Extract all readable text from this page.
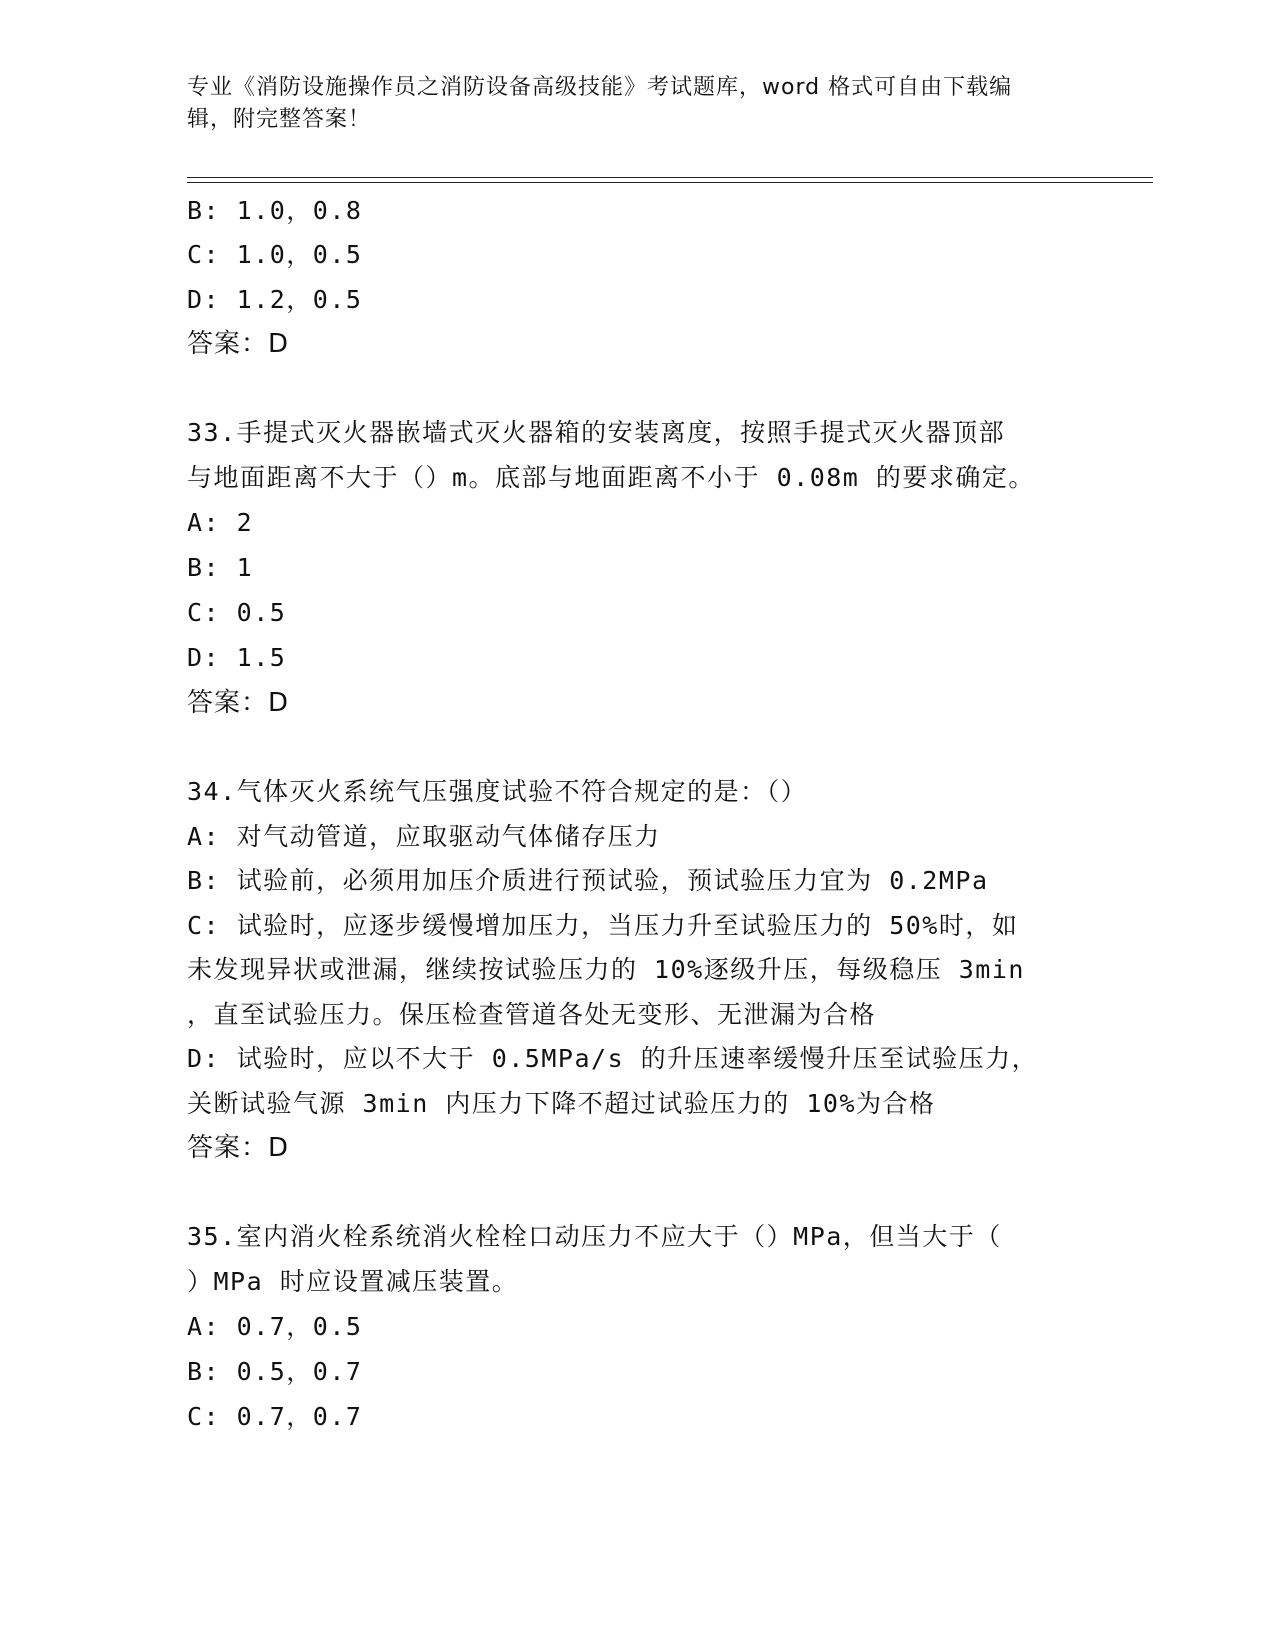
专业《消防设施操作员之消防设备高级技能》考试题库，word 格式可自由下载编
辑，附完整答案！
B: 1.0，0.8
C: 1.0，0.5
D: 1.2，0.5
答案：D
33.手提式灭火器嵌墙式灭火器箱的安装离度，按照手提式灭火器顶部
与地面距离不大于（）m。底部与地面距离不小于 0.08m 的要求确定。
A: 2
B: 1
C: 0.5
D: 1.5
答案：D
34.气体灭火系统气压强度试验不符合规定的是：（）
A: 对气动管道，应取驱动气体储存压力
B: 试验前，必须用加压介质进行预试验，预试验压力宜为 0.2MPa
C: 试验时，应逐步缓慢增加压力，当压力升至试验压力的 50%时，如
未发现异状或泄漏，继续按试验压力的 10%逐级升压，每级稳压 3min
，直至试验压力。保压检查管道各处无变形、无泄漏为合格
D: 试验时，应以不大于 0.5MPa/s 的升压速率缓慢升压至试验压力，
关断试验气源 3min 内压力下降不超过试验压力的 10%为合格
答案：D
35.室内消火栓系统消火栓栓口动压力不应大于（）MPa，但当大于（
）MPa 时应设置减压装置。
A: 0.7，0.5
B: 0.5，0.7
C: 0.7，0.7
